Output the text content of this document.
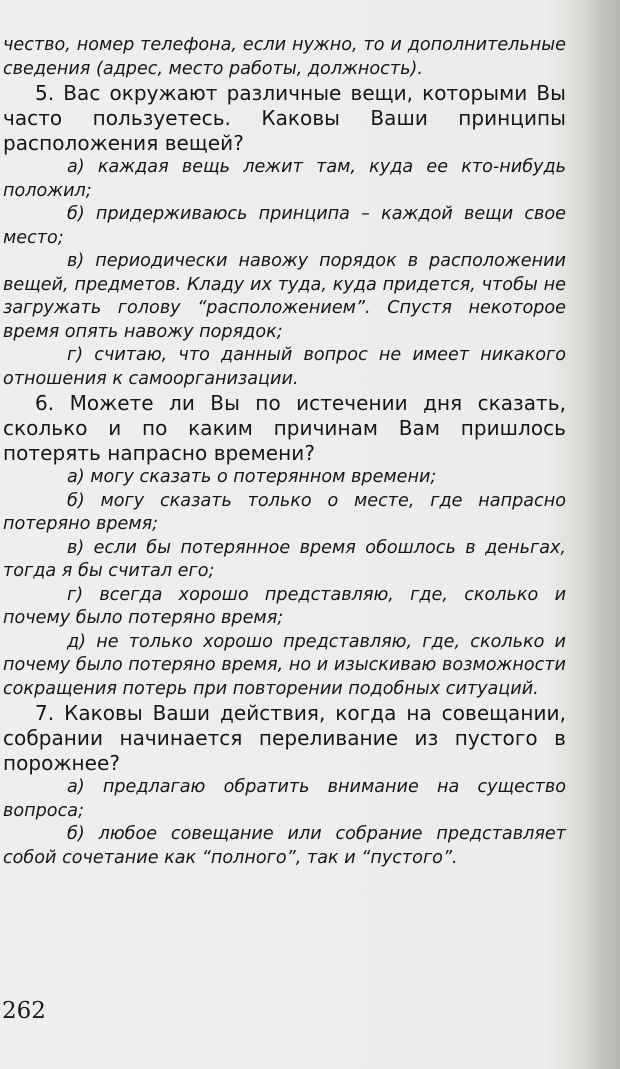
чество, номер телефона, если нужно, то и дополнительные сведения (адрес, место работы, должность).

5. Вас окружают различные вещи, которыми Вы часто пользуетесь. Каковы Ваши принципы расположения вещей?

а) каждая вещь лежит там, куда ее кто-нибудь положил;

б) придерживаюсь принципа – каждой вещи свое место;

в) периодически навожу порядок в расположении вещей, предметов. Кладу их туда, куда придется, чтобы не загружать голову “расположением”. Спустя некоторое время опять навожу порядок;

г) считаю, что данный вопрос не имеет никакого отношения к самоорганизации.

6. Можете ли Вы по истечении дня сказать, сколько и по каким причинам Вам пришлось потерять напрасно времени?

а) могу сказать о потерянном времени;

б) могу сказать только о месте, где напрасно потеряно время;

в) если бы потерянное время обошлось в деньгах, тогда я бы считал его;

г) всегда хорошо представляю, где, сколько и почему было потеряно время;

д) не только хорошо представляю, где, сколько и почему было потеряно время, но и изыскиваю возможности сокращения потерь при повторении подобных ситуаций.

7. Каковы Ваши действия, когда на совещании, собрании начинается переливание из пустого в порожнее?

а) предлагаю обратить внимание на существо вопроса;

б) любое совещание или собрание представляет собой сочетание как “полного”, так и “пустого”.

262
